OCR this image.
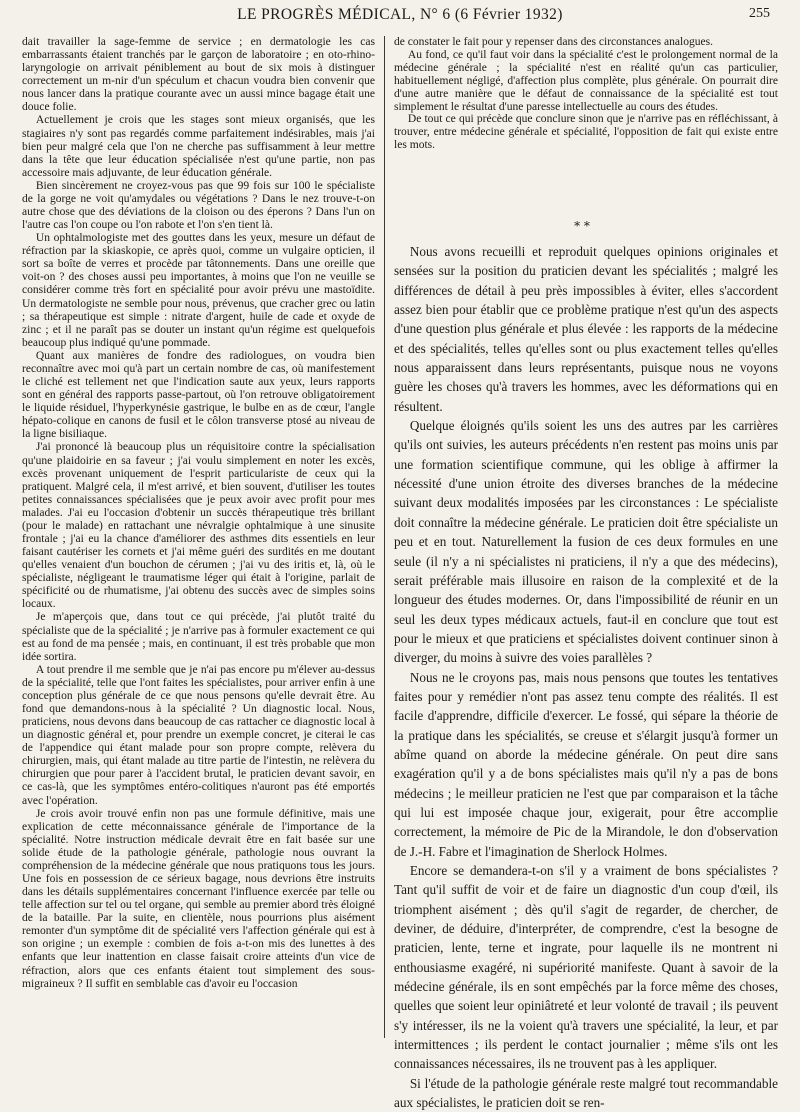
LE PROGRÈS MÉDICAL, N° 6 (6 Février 1932)	255

dait travailler la sage-femme de service ; en dermatologie les cas embarrassants étaient tranchés par le garçon de laboratoire ; en oto-rhino-laryngologie on arrivait péniblement au bout de six mois à distinguer correctement un m-nir d'un spéculum et chacun voudra bien convenir que nous lancer dans la pratique courante avec un aussi mince bagage était une douce folie.

Actuellement je crois que les stages sont mieux organisés, que les stagiaires n'y sont pas regardés comme parfaitement indésirables, mais j'ai bien peur malgré cela que l'on ne cherche pas suffisamment à leur mettre dans la tête que leur éducation spécialisée n'est qu'une partie, non pas accessoire mais adjuvante, de leur éducation générale.

Bien sincèrement ne croyez-vous pas que 99 fois sur 100 le spécialiste de la gorge ne voit qu'amydales ou végétations ? Dans le nez trouve-t-on autre chose que des déviations de la cloison ou des éperons ? Dans l'un on l'autre cas l'on coupe ou l'on rabote et l'on s'en tient là.

Un ophtalmologiste met des gouttes dans les yeux, mesure un défaut de réfraction par la skiaskopie, ce après quoi, comme un vulgaire opticien, il sort sa boîte de verres et procède par tâtonnements. Dans une oreille que voit-on ? des choses aussi peu importantes, à moins que l'on ne veuille se considérer comme très fort en spécialité pour avoir prévu une mastoïdite. Un dermatologiste ne semble pour nous, prévenus, que cracher grec ou latin ; sa thérapeutique est simple : nitrate d'argent, huile de cade et oxyde de zinc ; et il ne paraît pas se douter un instant qu'un régime est quelquefois beaucoup plus indiqué qu'une pommade.

Quant aux manières de fondre des radiologues, on voudra bien reconnaître avec moi qu'à part un certain nombre de cas, où manifestement le cliché est tellement net que l'indication saute aux yeux, leurs rapports sont en général des rapports passe-partout, où l'on retrouve obligatoirement le liquide résiduel, l'hyperkynésie gastrique, le bulbe en as de cœur, l'angle hépato-colique en canons de fusil et le côlon transverse ptosé au niveau de la ligne bisiliaque.

J'ai prononcé là beaucoup plus un réquisitoire contre la spécialisation qu'une plaidoirie en sa faveur ; j'ai voulu simplement en noter les excès, excès provenant uniquement de l'esprit particulariste de ceux qui la pratiquent. Malgré cela, il m'est arrivé, et bien souvent, d'utiliser les toutes petites connaissances spécialisées que je peux avoir avec profit pour mes malades. J'ai eu l'occasion d'obtenir un succès thérapeutique très brillant (pour le malade) en rattachant une névralgie ophtalmique à une sinusite frontale ; j'ai eu la chance d'améliorer des asthmes dits essentiels en leur faisant cautériser les cornets et j'ai même guéri des surdités en me doutant qu'elles venaient d'un bouchon de cérumen ; j'ai vu des iritis et, là, où le spécialiste, négligeant le traumatisme léger qui était à l'origine, parlait de spécificité ou de rhumatisme, j'ai obtenu des succès avec de simples soins locaux.

Je m'aperçois que, dans tout ce qui précède, j'ai plutôt traité du spécialiste que de la spécialité ; je n'arrive pas à formuler exactement ce qui est au fond de ma pensée ; mais, en continuant, il est très probable que mon idée sortira.

A tout prendre il me semble que je n'ai pas encore pu m'élever au-dessus de la spécialité, telle que l'ont faites les spécialistes, pour arriver enfin à une conception plus générale de ce que nous pensons qu'elle devrait être. Au fond que demandons-nous à la spécialité ? Un diagnostic local. Nous, praticiens, nous devons dans beaucoup de cas rattacher ce diagnostic local à un diagnostic général et, pour prendre un exemple concret, je citerai le cas de l'appendice qui étant malade pour son propre compte, relèvera du chirurgien, mais, qui étant malade au titre partie de l'intestin, ne relèvera du chirurgien que pour parer à l'accident brutal, le praticien devant savoir, en ce cas-là, que les symptômes entéro-colitiques n'auront pas été emportés avec l'opération.

Je crois avoir trouvé enfin non pas une formule définitive, mais une explication de cette méconnaissance générale de l'importance de la spécialité. Notre instruction médicale devrait être en fait basée sur une solide étude de la pathologie générale, pathologie nous ouvrant la compréhension de la médecine générale que nous pratiquons tous les jours. Une fois en possession de ce sérieux bagage, nous devrions être instruits dans les détails supplémentaires concernant l'influence exercée par telle ou telle affection sur tel ou tel organe, qui semble au premier abord très éloigné de la bataille. Par la suite, en clientèle, nous pourrions plus aisément remonter d'un symptôme dit de spécialité vers l'affection générale qui est à son origine ; un exemple : combien de fois a-t-on mis des lunettes à des enfants que leur inattention en classe faisait croire atteints d'un vice de réfraction, alors que ces enfants étaient tout simplement des sous-migraineux ? Il suffit en semblable cas d'avoir eu l'occasion

de constater le fait pour y repenser dans des circonstances analogues.

Au fond, ce qu'il faut voir dans la spécialité c'est le prolongement normal de la médecine générale ; la spécialité n'est en réalité qu'un cas particulier, habituellement négligé, d'affection plus complète, plus générale. On pourrait dire d'une autre manière que le défaut de connaissance de la spécialité est tout simplement le résultat d'une paresse intellectuelle au cours des études.

De tout ce qui précède que conclure sinon que je n'arrive pas en réfléchissant, à trouver, entre médecine générale et spécialité, l'opposition de fait qui existe entre les mots.

* *

Nous avons recueilli et reproduit quelques opinions originales et sensées sur la position du praticien devant les spécialités ; malgré les différences de détail à peu près impossibles à éviter, elles s'accordent assez bien pour établir que ce problème pratique n'est qu'un des aspects d'une question plus générale et plus élevée : les rapports de la médecine et des spécialités, telles qu'elles sont ou plus exactement telles qu'elles nous apparaissent dans leurs représentants, puisque nous ne voyons guère les choses qu'à travers les hommes, avec les déformations qui en résultent.

Quelque éloignés qu'ils soient les uns des autres par les carrières qu'ils ont suivies, les auteurs précédents n'en restent pas moins unis par une formation scientifique commune, qui les oblige à affirmer la nécessité d'une union étroite des diverses branches de la médecine suivant deux modalités imposées par les circonstances : Le spécialiste doit connaître la médecine générale. Le praticien doit être spécialiste un peu et en tout. Naturellement la fusion de ces deux formules en une seule (il n'y a ni spécialistes ni praticiens, il n'y a que des médecins), serait préférable mais illusoire en raison de la complexité et de la longueur des études modernes. Or, dans l'impossibilité de réunir en un seul les deux types médicaux actuels, faut-il en conclure que tout est pour le mieux et que praticiens et spécialistes doivent continuer sinon à diverger, du moins à suivre des voies parallèles ?

Nous ne le croyons pas, mais nous pensons que toutes les tentatives faites pour y remédier n'ont pas assez tenu compte des réalités. Il est facile d'apprendre, difficile d'exercer. Le fossé, qui sépare la théorie de la pratique dans les spécialités, se creuse et s'élargit jusqu'à former un abîme quand on aborde la médecine générale. On peut dire sans exagération qu'il y a de bons spécialistes mais qu'il n'y a pas de bons médecins ; le meilleur praticien ne l'est que par comparaison et la tâche qui lui est imposée chaque jour, exigerait, pour être accomplie correctement, la mémoire de Pic de la Mirandole, le don d'observation de J.-H. Fabre et l'imagination de Sherlock Holmes.

Encore se demandera-t-on s'il y a vraiment de bons spécialistes ? Tant qu'il suffit de voir et de faire un diagnostic d'un coup d'œil, ils triomphent aisément ; dès qu'il s'agit de regarder, de chercher, de deviner, de déduire, d'interpréter, de comprendre, c'est la besogne de praticien, lente, terne et ingrate, pour laquelle ils ne montrent ni enthousiasme exagéré, ni supériorité manifeste. Quant à savoir de la médecine générale, ils en sont empêchés par la force même des choses, quelles que soient leur opiniâtreté et leur volonté de travail ; ils peuvent s'y intéresser, ils ne la voient qu'à travers une spécialité, la leur, et par intermittences ; ils perdent le contact journalier ; même s'ils ont les connaissances nécessaires, ils ne trouvent pas à les appliquer.

Si l'étude de la pathologie générale reste malgré tout recommandable aux spécialistes, le praticien doit se ren-
